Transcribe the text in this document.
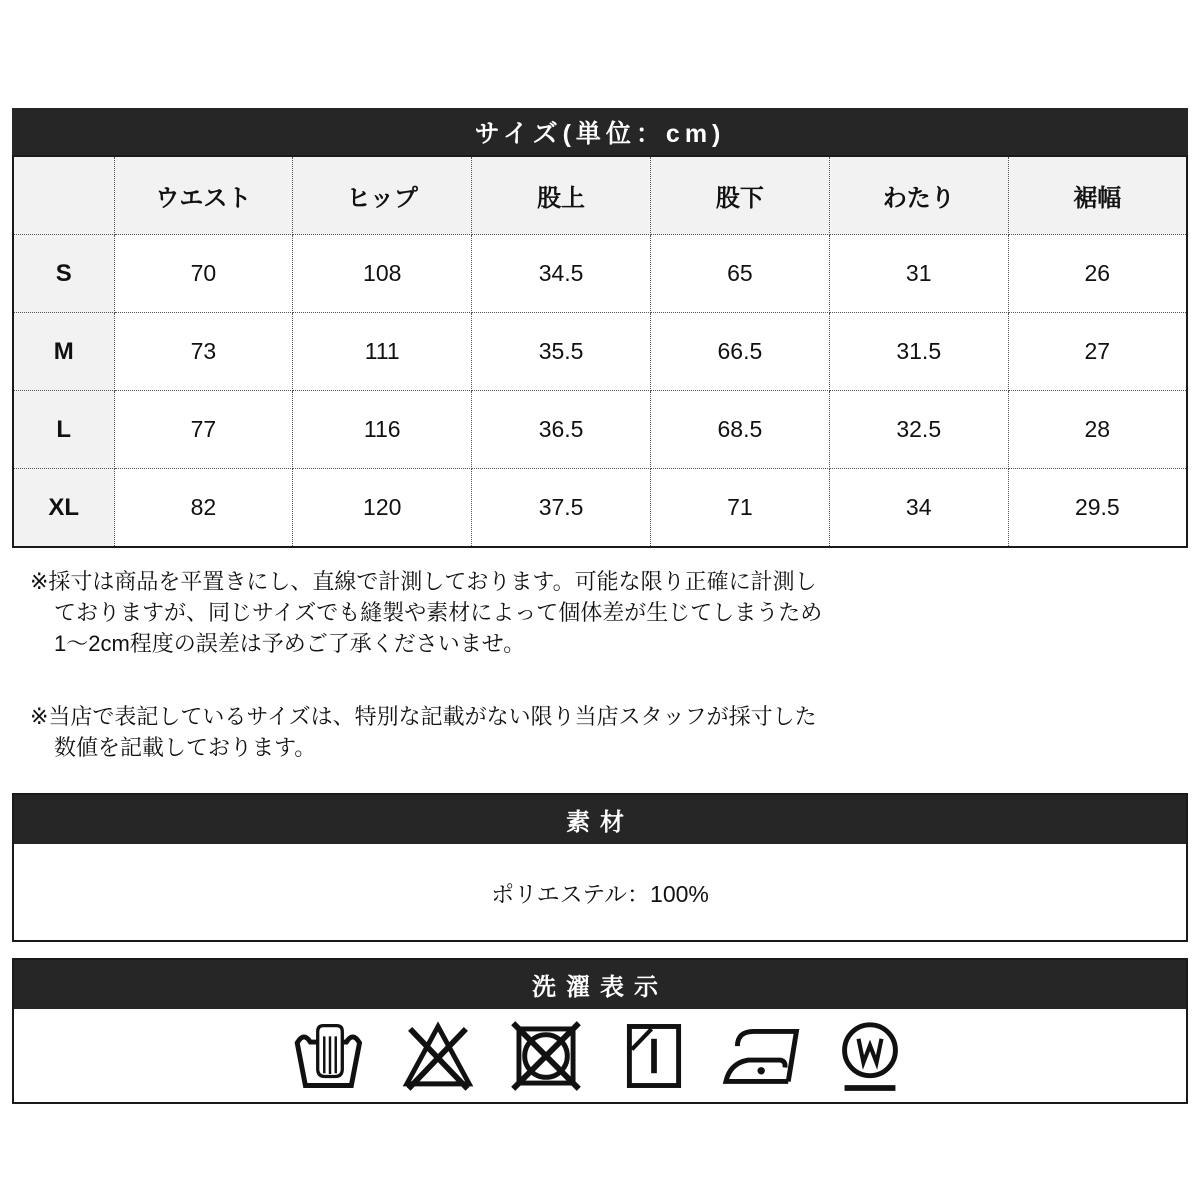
サイズ(単位：cm)
	ウエスト	ヒップ	股上	股下	わたり	裾幅
S	70	108	34.5	65	31	26
M	73	111	35.5	66.5	31.5	27
L	77	116	36.5	68.5	32.5	28
XL	82	120	37.5	71	34	29.5
※採寸は商品を平置きにし、直線で計測しております。可能な限り正確に計測し
ておりますが、同じサイズでも縫製や素材によって個体差が生じてしまうため
1〜2cm程度の誤差は予めご了承くださいませ。
※当店で表記しているサイズは、特別な記載がない限り当店スタッフが採寸した
数値を記載しております。
素材
ポリエステル：100%
洗濯表示
